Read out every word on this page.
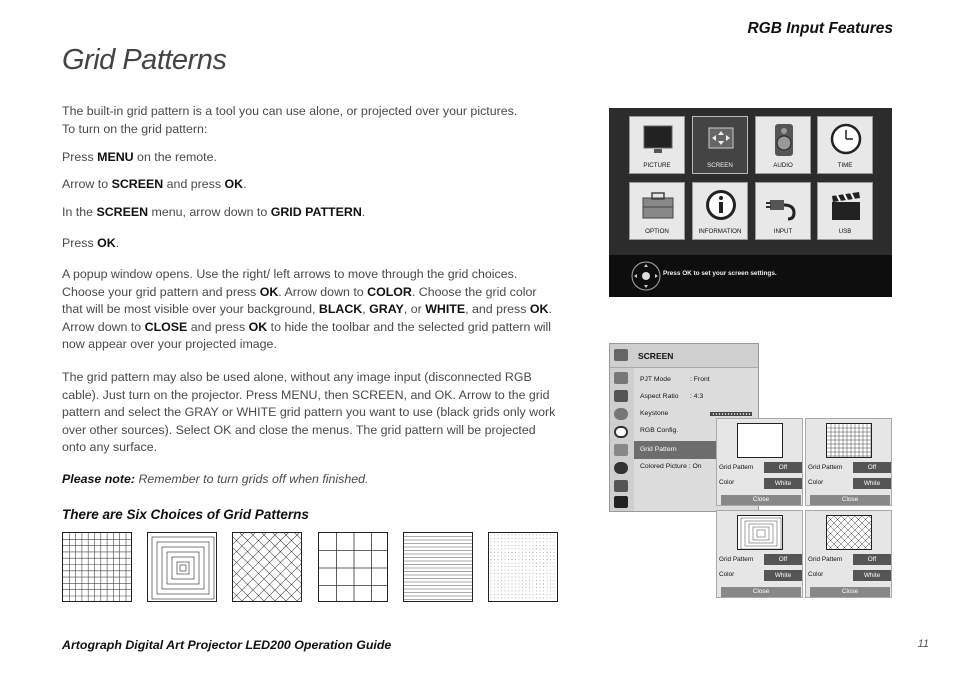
RGB Input Features
Grid Patterns
The built-in grid pattern is a tool you can use alone, or projected over your pictures.
To turn on the grid pattern:
Press MENU on the remote.
Arrow to SCREEN and press OK.
In the SCREEN menu, arrow down to GRID PATTERN.
Press OK.
A popup window opens. Use the right/ left arrows to move through the grid choices. Choose your grid pattern and press OK. Arrow down to COLOR. Choose the grid color that will be most visible over your background, BLACK, GRAY, or WHITE, and press OK. Arrow down to CLOSE and press OK to hide the toolbar and the selected grid pattern will now appear over your projected image.
The grid pattern may also be used alone, without any image input (disconnected RGB cable). Just turn on the projector. Press MENU, then SCREEN, and OK. Arrow to the grid pattern and select the GRAY or WHITE grid pattern you want to use (black grids only work over other sources). Select OK and close the menus. The grid pattern will be projected onto any surface.
Please note: Remember to turn grids off when finished.
There are Six Choices of Grid Patterns
PICTURE	SCREEN	AUDIO	TIME
OPTION	INFORMATION	INPUT	USB
Press OK to set your screen settings.
SCREEN
PJT Mode	: Front
Aspect Ratio : 4:3
Keystone
RGB Config.
Grid Pattern
Colored Picture : On	Grid Pattern	Off
Color	White
Close
Grid Pattern	Off
Color	White
Close
Grid Pattern	Off
Color	White
Close
Grid Pattern	Off
Color	White
Close
Artograph Digital Art Projector LED200 Operation Guide	11
